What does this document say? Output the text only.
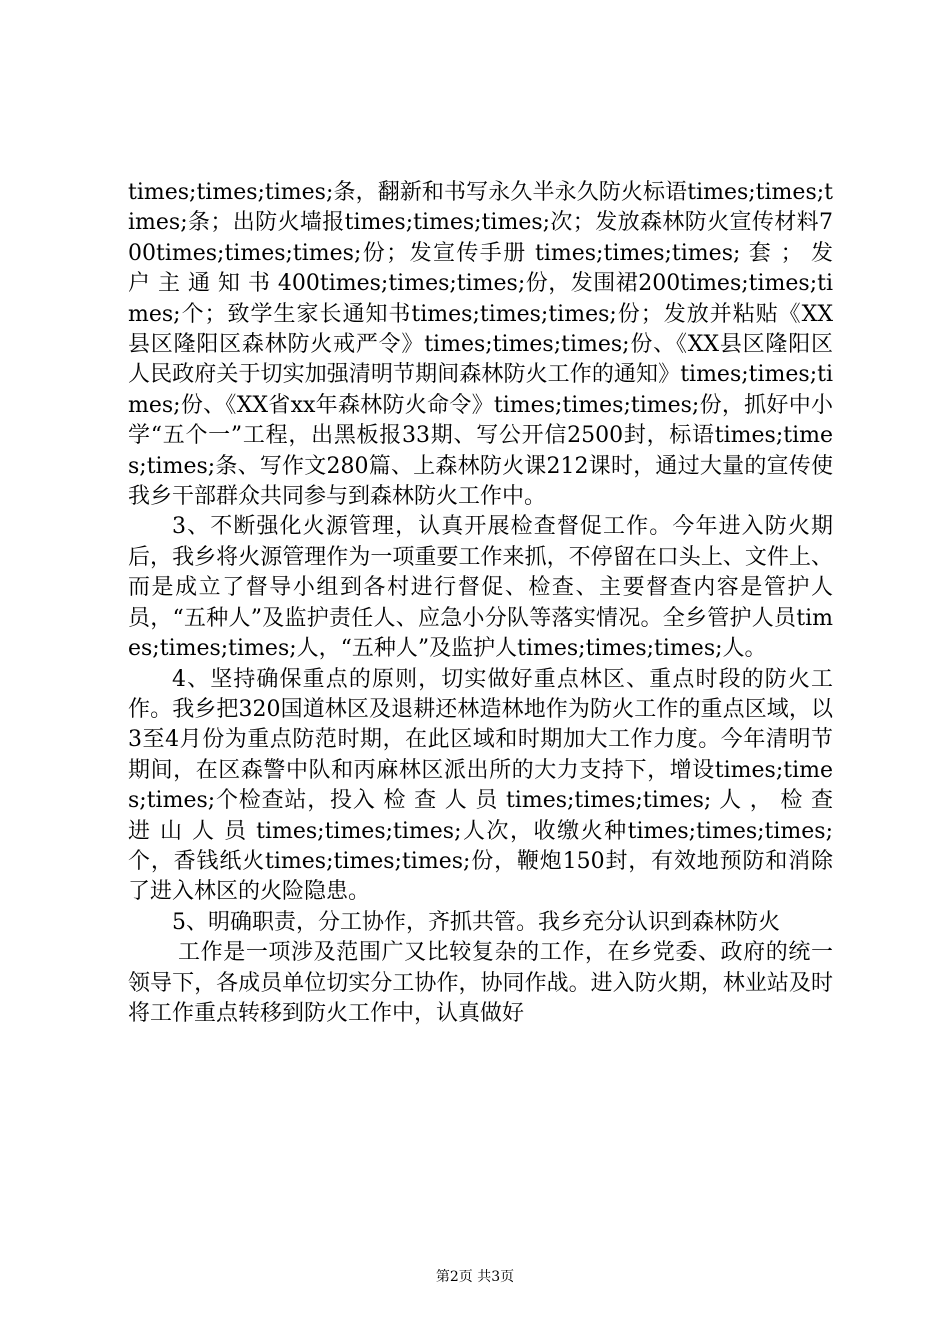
times;times;times;条，翻新和书写永久半永久防火标语times;times;times;条；出防火墙报times;times;times;次；发放森林防火宣传材料700times;times;times;份；发宣传手册 times;times;times; 套 ； 发 户 主 通 知 书 400times;times;times;份，发围裙200times;times;times;个；致学生家长通知书times;times;times;份；发放并粘贴《XX县区隆阳区森林防火戒严令》times;times;times;份、《XX县区隆阳区人民政府关于切实加强清明节期间森林防火工作的通知》times;times;times;份、《XX省xx年森林防火命令》times;times;times;份，抓好中小学“五个一”工程，出黑板报33期、写公开信2500封，标语times;times;times;条、写作文280篇、上森林防火课212课时，通过大量的宣传使我乡干部群众共同参与到森林防火工作中。

3、不断强化火源管理，认真开展检查督促工作。今年进入防火期后，我乡将火源管理作为一项重要工作来抓，不停留在口头上、文件上、而是成立了督导小组到各村进行督促、检查、主要督查内容是管护人员，“五种人”及监护责任人、应急小分队等落实情况。全乡管护人员times;times;times;人，“五种人”及监护人times;times;times;人。

4、坚持确保重点的原则，切实做好重点林区、重点时段的防火工作。我乡把320国道林区及退耕还林造林地作为防火工作的重点区域，以3至4月份为重点防范时期，在此区域和时期加大工作力度。今年清明节期间，在区森警中队和丙麻林区派出所的大力支持下，增设times;times;times;个检查站，投入 检 查 人 员 times;times;times; 人 ， 检 查 进 山 人 员 times;times;times;人次，收缴火种times;times;times;个，香钱纸火times;times;times;份，鞭炮150封，有效地预防和消除了进入林区的火险隐患。

5、明确职责，分工协作，齐抓共管。我乡充分认识到森林防火

工作是一项涉及范围广又比较复杂的工作，在乡党委、政府的统一领导下，各成员单位切实分工协作，协同作战。进入防火期，林业站及时将工作重点转移到防火工作中，认真做好

第2页 共3页
